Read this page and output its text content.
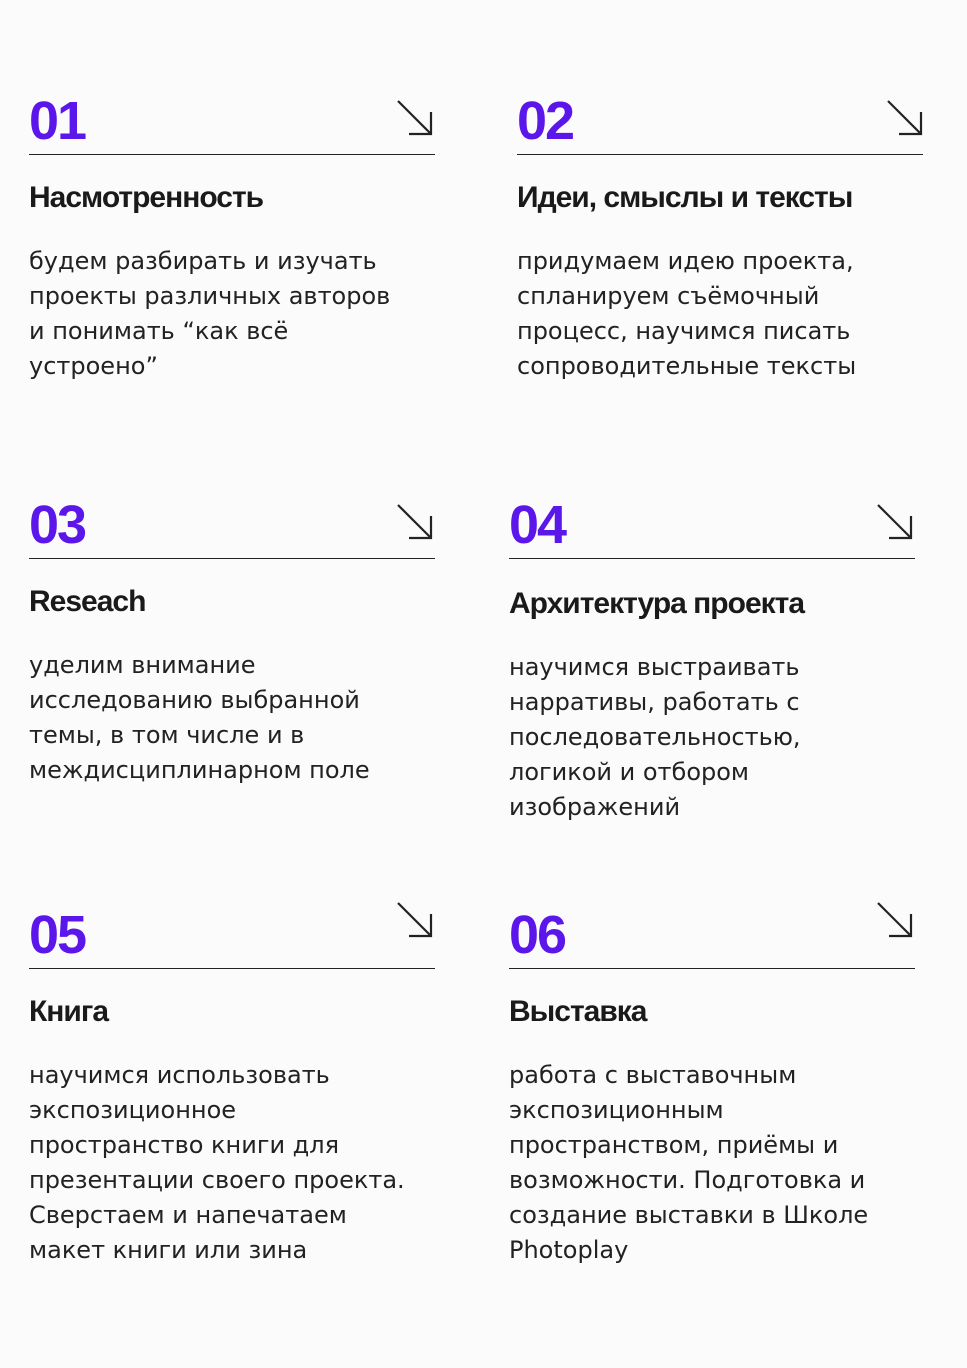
01
Насмотренность
будем разбирать и изучать
проекты различных авторов
и понимать “как всё
устроено”
02
Идеи, смыслы и тексты
придумаем идею проекта,
спланируем съёмочный
процесс, научимся писать
сопроводительные тексты
03
Reseach
уделим внимание
исследованию выбранной
темы, в том числе и в
междисциплинарном поле
04
Архитектура проекта
научимся выстраивать
нарративы, работать с
последовательностью,
логикой и отбором
изображений
05
Книга
научимся использовать
экспозиционное
пространство книги для
презентации своего проекта.
Сверстаем и напечатаем
макет книги или зина
06
Выставка
работа с выставочным
экспозиционным
пространством, приёмы и
возможности. Подготовка и
создание выставки в Школе
Photoplay
